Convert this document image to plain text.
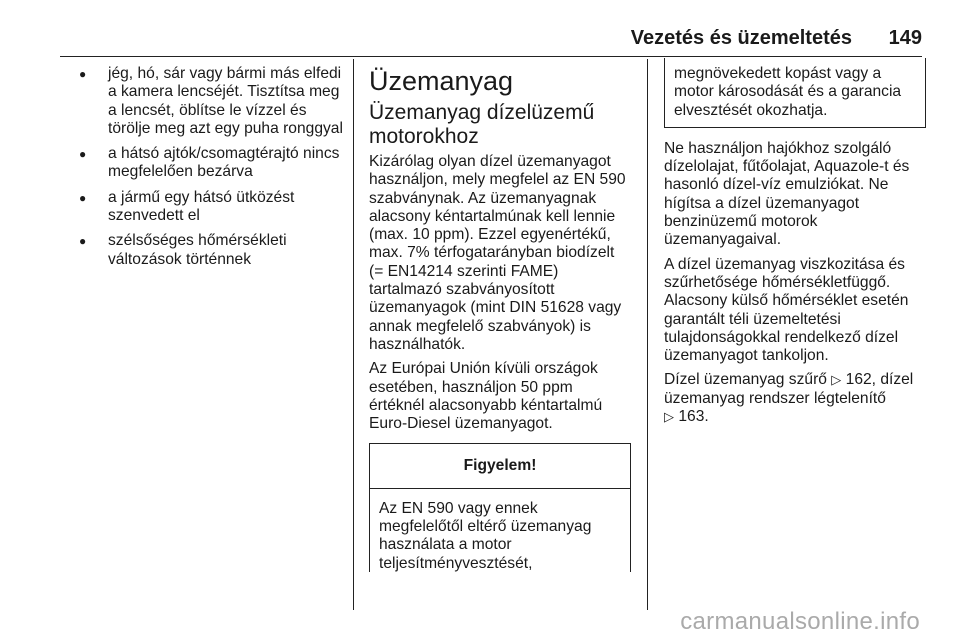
Vezetés és üzemeltetés 149
● jég, hó, sár vagy bármi más elfedi a kamera lencséjét. Tisztítsa meg a lencsét, öblítse le vízzel és törölje meg azt egy puha ronggyal
● a hátsó ajtók/csomagtérajtó nincs megfelelően bezárva
● a jármű egy hátsó ütközést szenvedett el
● szélsőséges hőmérsékleti változások történnek
Üzemanyag
Üzemanyag dízelüzemű motorokhoz

Kizárólag olyan dízel üzemanyagot használjon, mely megfelel az EN 590 szabványnak. Az üzemanyagnak alacsony kéntartalmúnak kell lennie (max. 10 ppm). Ezzel egyenértékű, max. 7% térfogatarányban biodízelt (= EN14214 szerinti FAME) tartalmazó szabványosított üzemanyagok (mint DIN 51628 vagy annak megfelelő szabványok) is használhatók.

Az Európai Unión kívüli országok esetében, használjon 50 ppm értéknél alacsonyabb kéntartalmú Euro-Diesel üzemanyagot.

Figyelem!
Az EN 590 vagy ennek megfelelőtől eltérő üzemanyag használata a motor teljesítményvesztését,
megnövekedett kopást vagy a motor károsodását és a garancia elvesztését okozhatja.

Ne használjon hajókhoz szolgáló dízelolajat, fűtőolajat, Aquazole-t és hasonló dízel-víz emulziókat. Ne hígítsa a dízel üzemanyagot benzinüzemű motorok üzemanyagaival.

A dízel üzemanyag viszkozitása és szűrhetősége hőmérsékletfüggő. Alacsony külső hőmérséklet esetén garantált téli üzemeltetési tulajdonságokkal rendelkező dízel üzemanyagot tankoljon.

Dízel üzemanyag szűrő ▷ 162, dízel üzemanyag rendszer légtelenítő
▷ 163.

carmanualsonline.info
